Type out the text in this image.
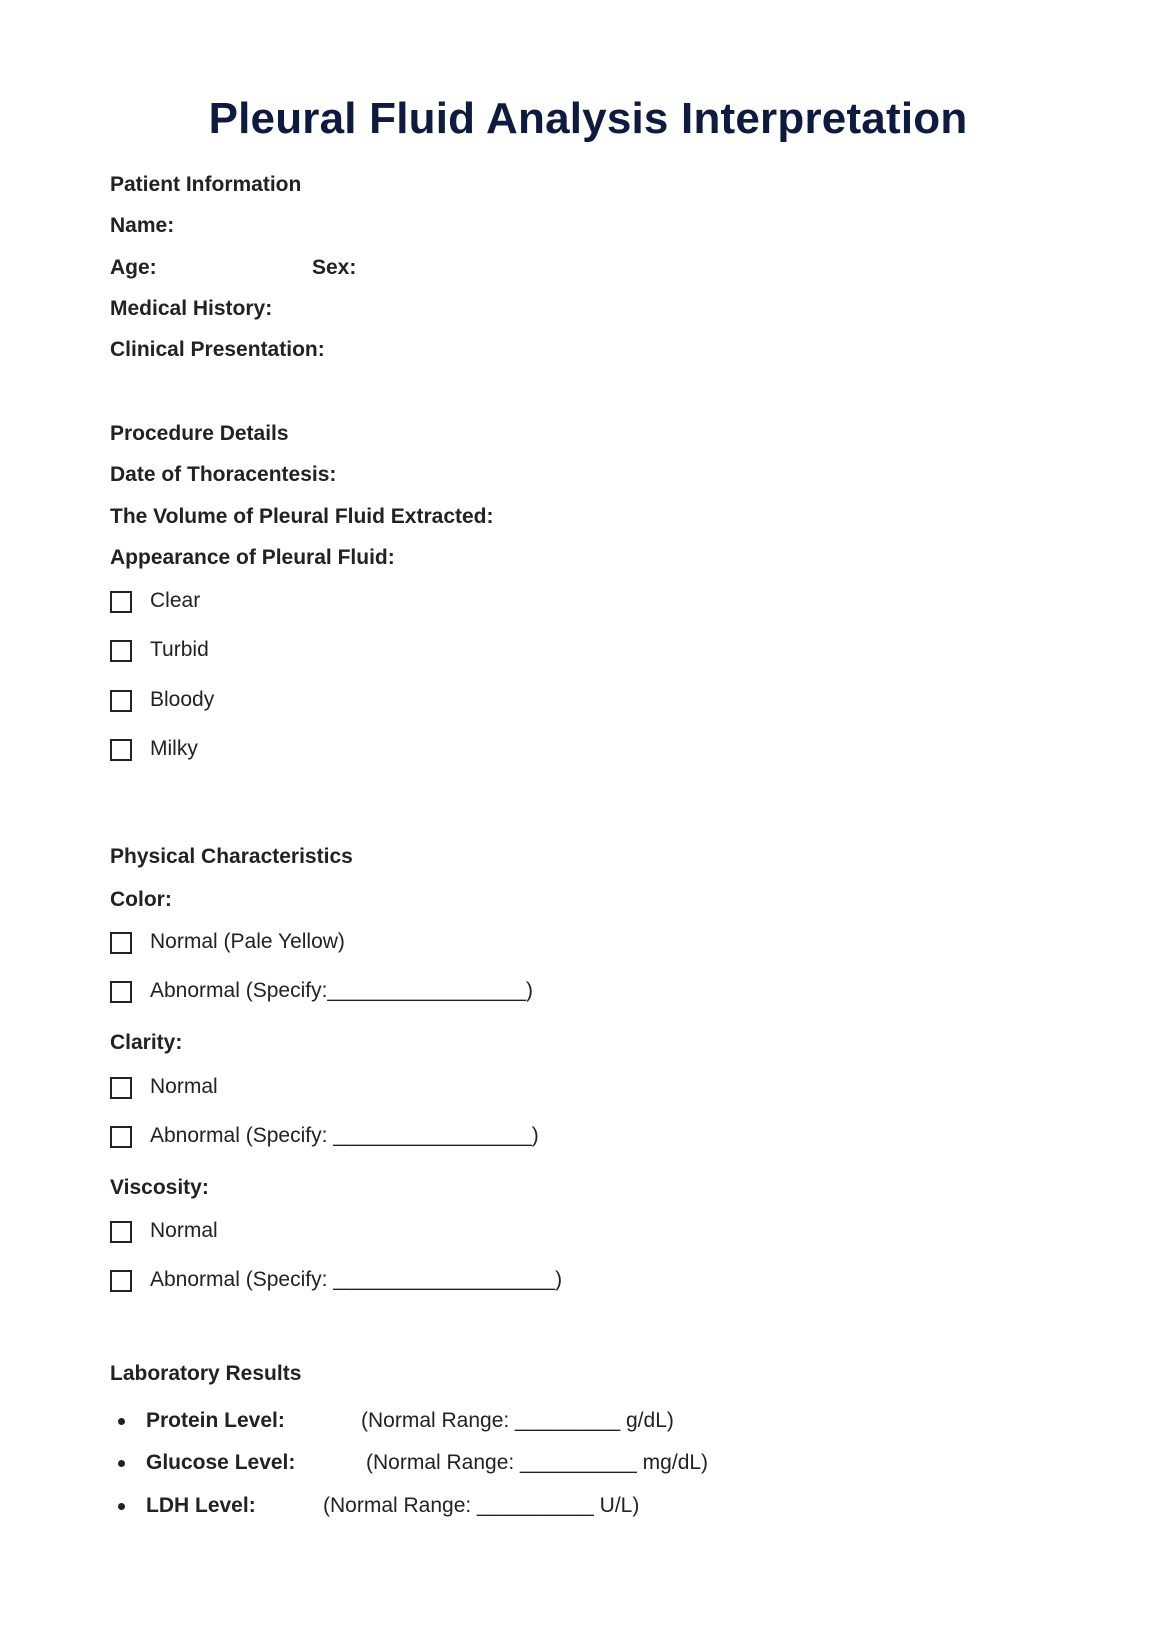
Pleural Fluid Analysis Interpretation
Patient Information
Name:
Age:	Sex:
Medical History:
Clinical Presentation:
Procedure Details
Date of Thoracentesis:
The Volume of Pleural Fluid Extracted:
Appearance of Pleural Fluid:
Clear
Turbid
Bloody
Milky
Physical Characteristics
Color:
Normal (Pale Yellow)
Abnormal (Specify:_________________)
Clarity:
Normal
Abnormal (Specify: _________________)
Viscosity:
Normal
Abnormal (Specify: ___________________)
Laboratory Results
Protein Level:	(Normal Range: _________ g/dL)
Glucose Level:	(Normal Range: __________ mg/dL)
LDH Level:	(Normal Range: __________ U/L)
